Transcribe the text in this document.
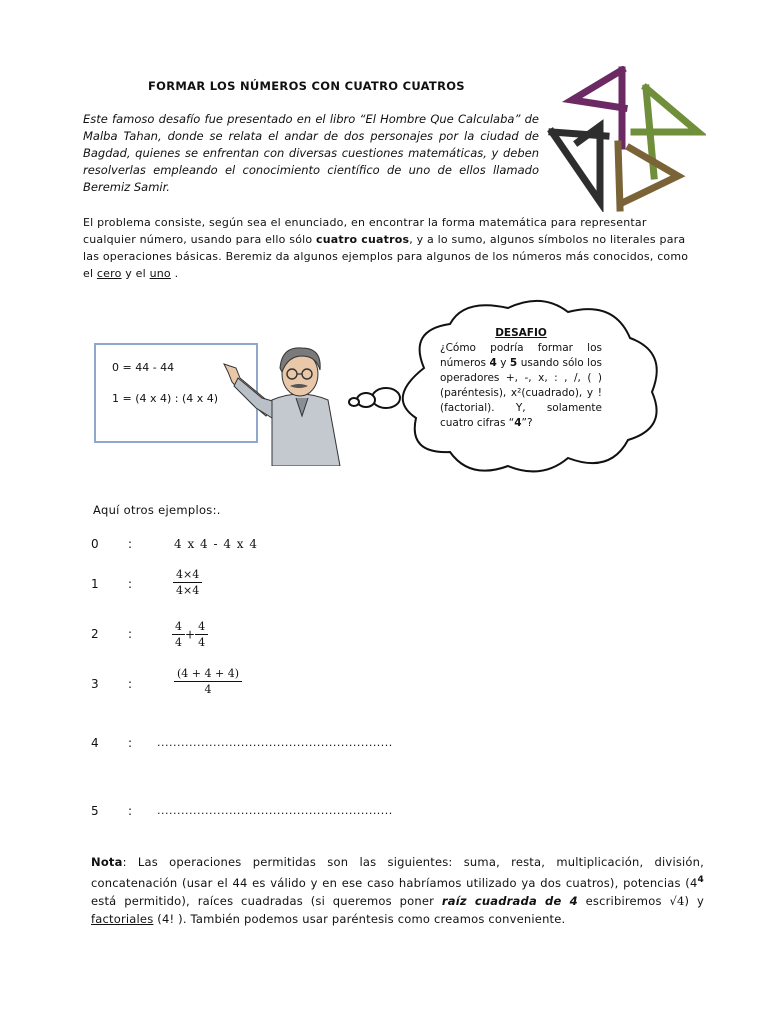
FORMAR LOS NÚMEROS CON CUATRO CUATROS
Este famoso desafío fue presentado en el libro “El Hombre Que Calculaba” de Malba Tahan, donde se relata el andar de dos personajes por la ciudad de Bagdad, quienes se enfrentan con diversas cuestiones matemáticas, y deben resolverlas empleando el conocimiento científico de uno de ellos llamado Beremiz Samir.
El problema consiste, según sea el enunciado, en encontrar la forma matemática para representar cualquier número, usando para ello sólo cuatro cuatros, y a lo sumo, algunos símbolos no literales para las operaciones básicas. Beremiz da algunos ejemplos para algunos de los números más conocidos, como el cero y el uno .
0 = 44 - 44
1 = (4 x 4) : (4 x 4)
DESAFIO
¿Cómo podría formar los números 4 y 5 usando sólo los operadores +, -, x, : , /, ( ) (paréntesis), x²(cuadrado), y ! (factorial). Y, solamente cuatro cifras “4”?
Aquí otros ejemplos:.
0 :	4 x 4 - 4 x 4
1 :	$\frac{4\times 4}{4\times 4}$
2 :	$\frac{4}{4} + \frac{4}{4}$
3 :	$\frac{(4 + 4 + 4)}{4}$
4 : ...........................................................
5 : ...........................................................
Nota: Las operaciones permitidas son las siguientes: suma, resta, multiplicación, división, concatenación (usar el 44 es válido y en ese caso habríamos utilizado ya dos cuatros), potencias ($4^4$ está permitido), raíces cuadradas (si queremos poner raíz cuadrada de 4 escribiremos √4) y factoriales (4! ). También podemos usar paréntesis como creamos conveniente.
